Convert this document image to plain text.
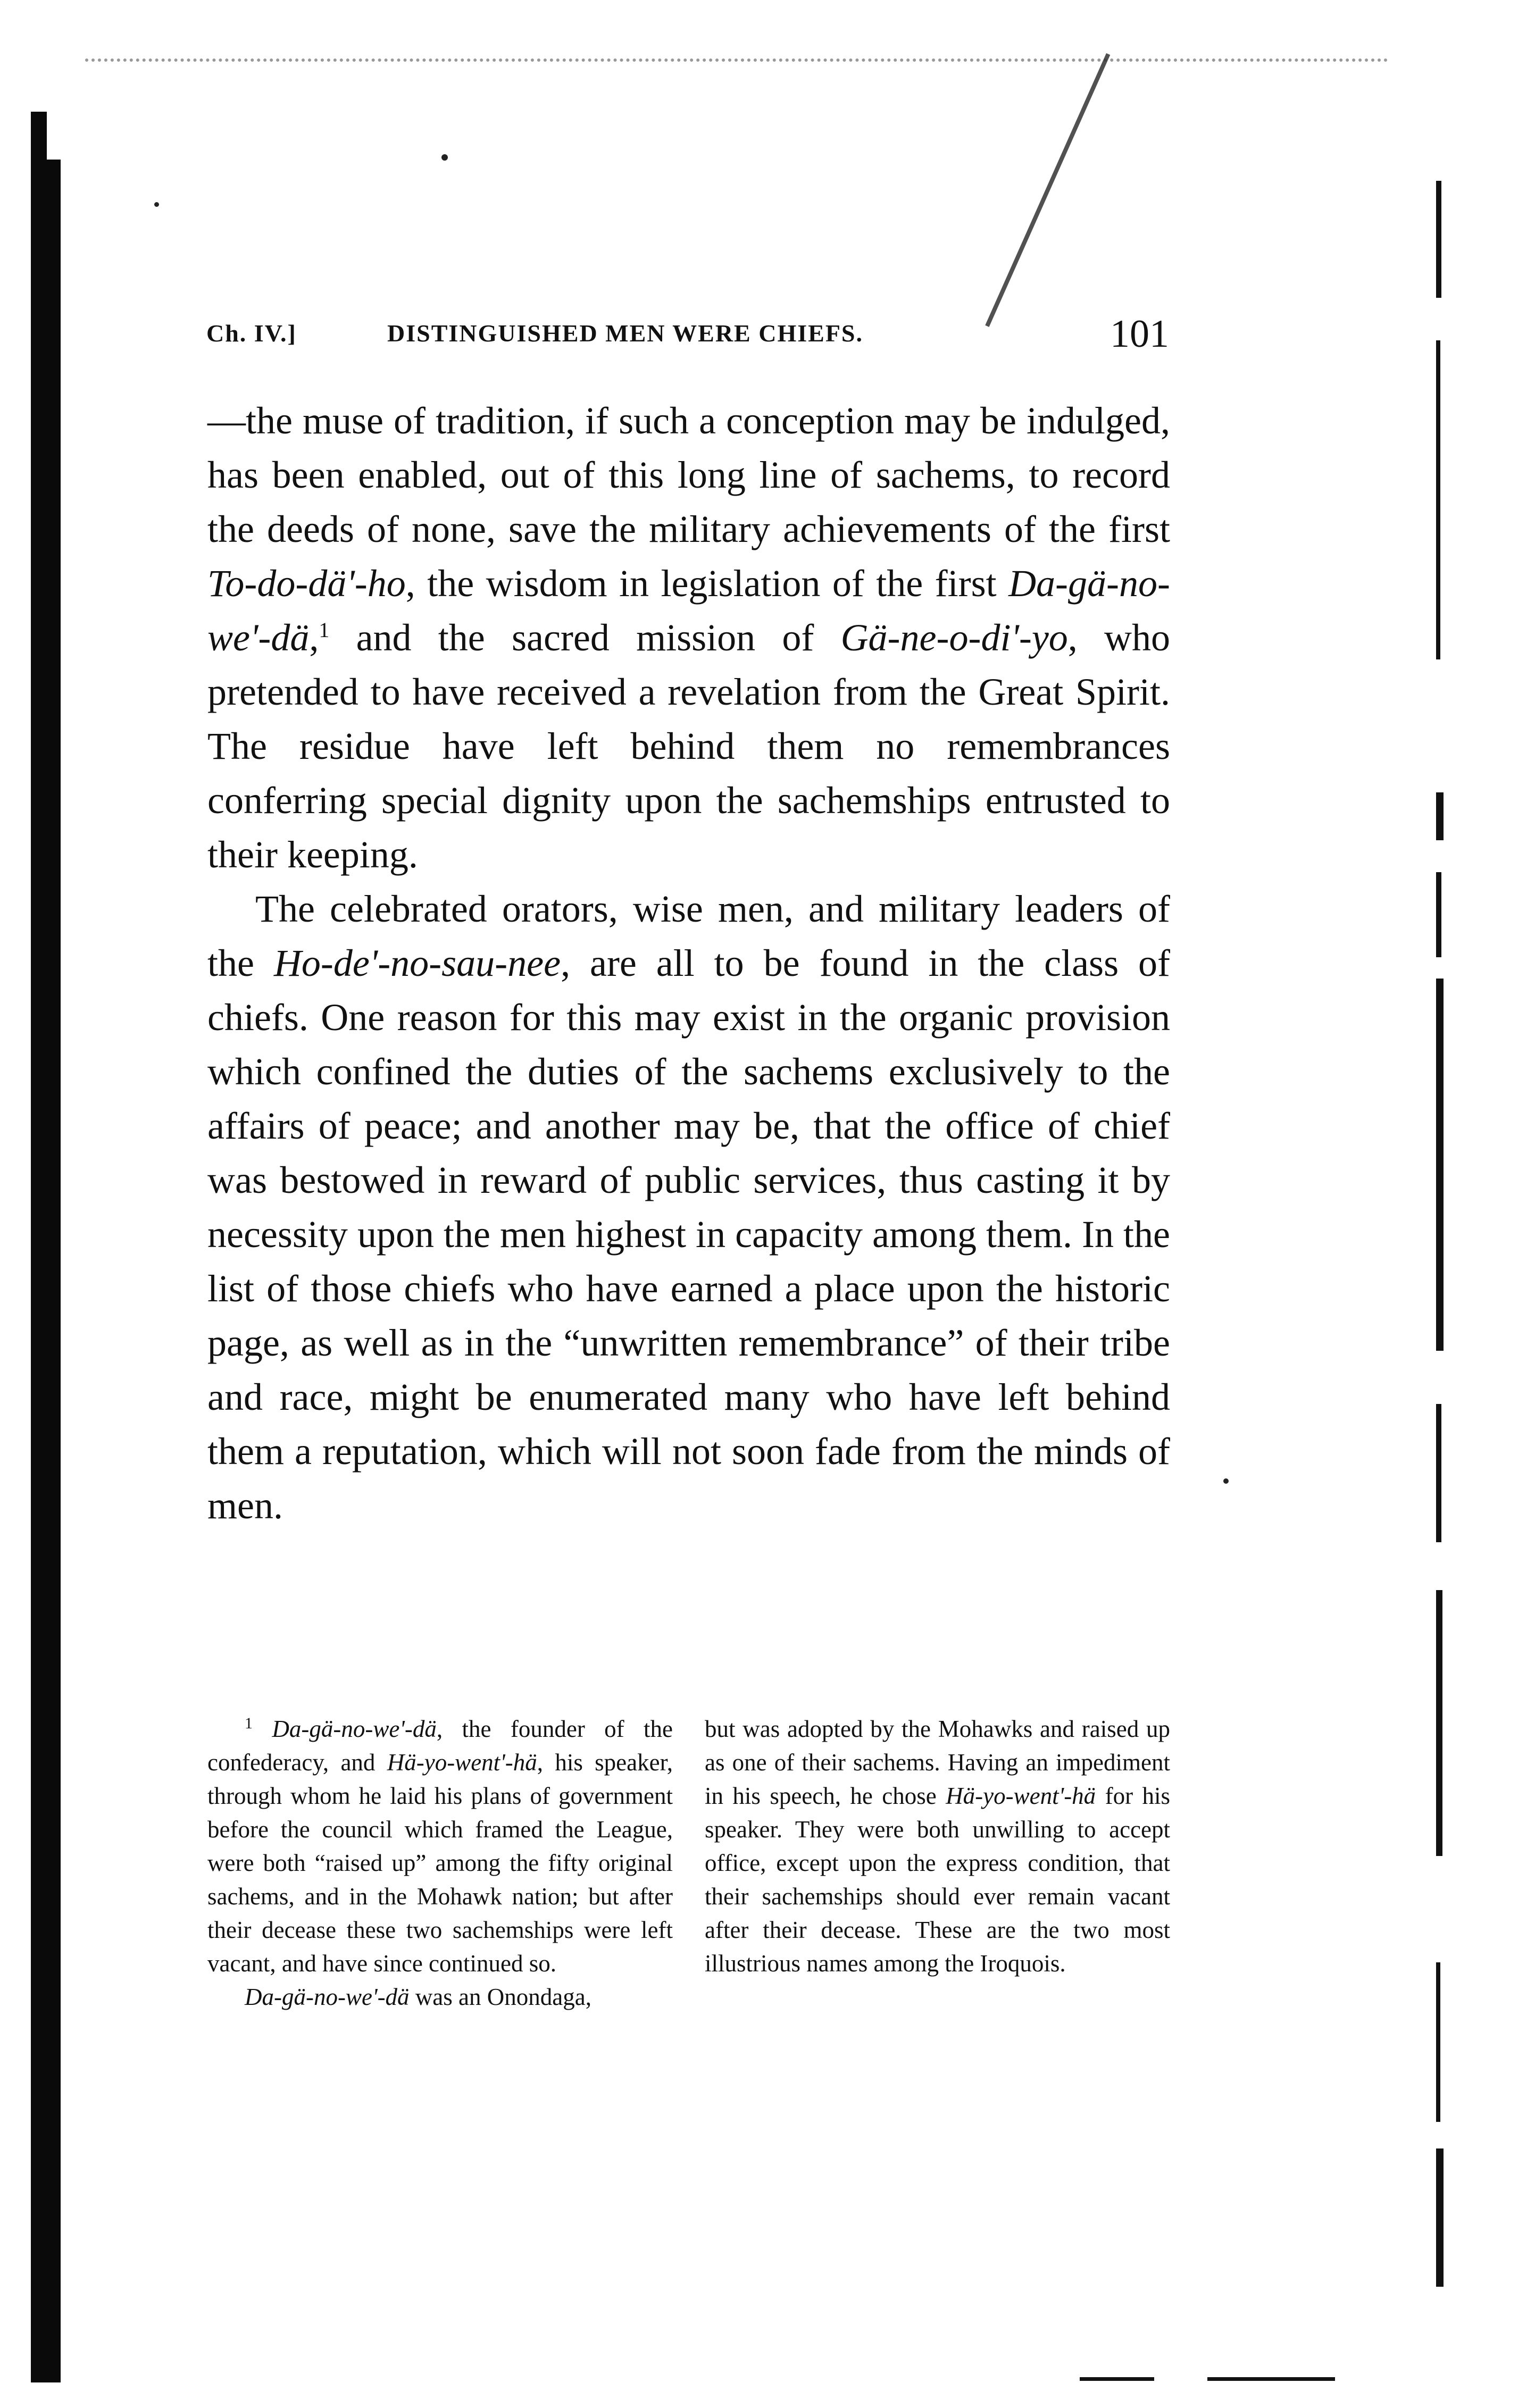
Ch. IV.]	DISTINGUISHED MEN WERE CHIEFS.	101

—the muse of tradition, if such a conception may be indulged, has been enabled, out of this long line of sachems, to record the deeds of none, save the military achievements of the first To-do-dä'-ho, the wisdom in legislation of the first Da-gä-no-we'-dä,$^1$ and the sacred mission of Gä-ne-o-di'-yo, who pretended to have received a revelation from the Great Spirit. The residue have left behind them no remembrances conferring special dignity upon the sachemships entrusted to their keeping.

The celebrated orators, wise men, and military leaders of the Ho-de'-no-sau-nee, are all to be found in the class of chiefs. One reason for this may exist in the organic provision which confined the duties of the sachems exclusively to the affairs of peace; and another may be, that the office of chief was bestowed in reward of public services, thus casting it by necessity upon the men highest in capacity among them. In the list of those chiefs who have earned a place upon the historic page, as well as in the “unwritten remembrance” of their tribe and race, might be enumerated many who have left behind them a reputation, which will not soon fade from the minds of men.

$^1$ Da-gä-no-we'-dä, the founder of the confederacy, and Hä-yo-went'-hä, his speaker, through whom he laid his plans of government before the council which framed the League, were both “raised up” among the fifty original sachems, and in the Mohawk nation; but after their decease these two sachemships were left vacant, and have since continued so.

Da-gä-no-we'-dä was an Onondaga,

but was adopted by the Mohawks and raised up as one of their sachems. Having an impediment in his speech, he chose Hä-yo-went'-hä for his speaker. They were both unwilling to accept office, except upon the express condition, that their sachemships should ever remain vacant after their decease. These are the two most illustrious names among the Iroquois.
